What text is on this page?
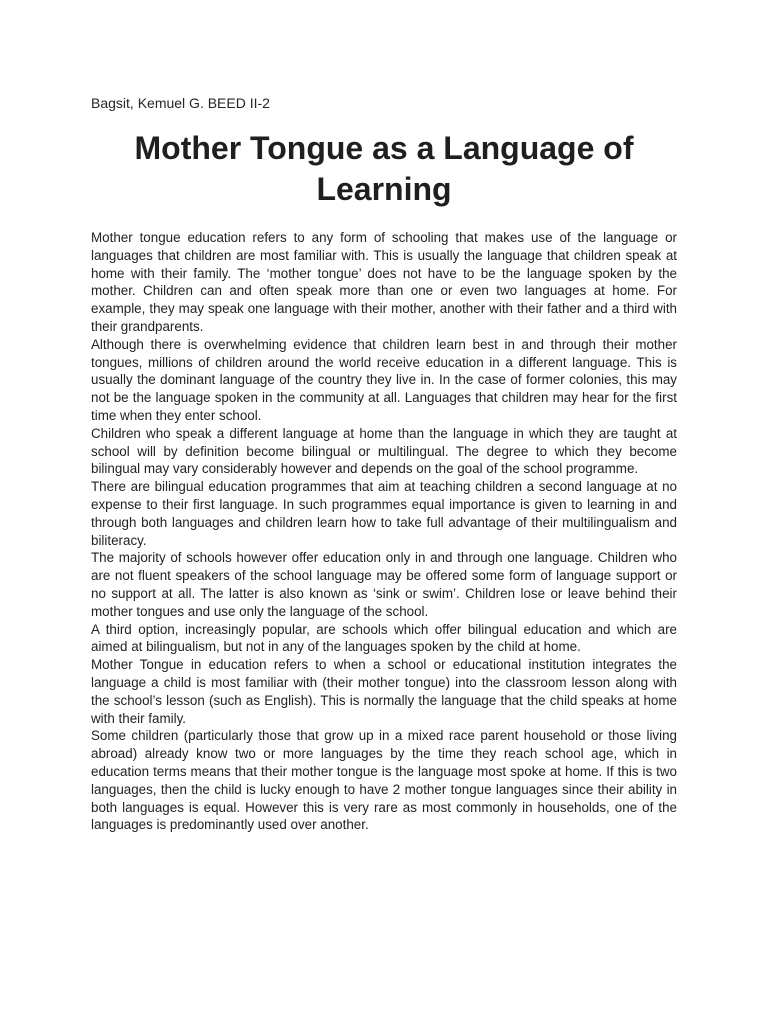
Bagsit, Kemuel G. BEED II-2
Mother Tongue as a Language of Learning

Mother tongue education refers to any form of schooling that makes use of the language or languages that children are most familiar with. This is usually the language that children speak at home with their family. The ‘mother tongue’ does not have to be the language spoken by the mother. Children can and often speak more than one or even two languages at home. For example, they may speak one language with their mother, another with their father and a third with their grandparents.

Although there is overwhelming evidence that children learn best in and through their mother tongues, millions of children around the world receive education in a different language. This is usually the dominant language of the country they live in. In the case of former colonies, this may not be the language spoken in the community at all. Languages that children may hear for the first time when they enter school.

Children who speak a different language at home than the language in which they are taught at school will by definition become bilingual or multilingual. The degree to which they become bilingual may vary considerably however and depends on the goal of the school programme.

There are bilingual education programmes that aim at teaching children a second language at no expense to their first language. In such programmes equal importance is given to learning in and through both languages and children learn how to take full advantage of their multilingualism and biliteracy.

The majority of schools however offer education only in and through one language. Children who are not fluent speakers of the school language may be offered some form of language support or no support at all. The latter is also known as ‘sink or swim’. Children lose or leave behind their mother tongues and use only the language of the school.

A third option, increasingly popular, are schools which offer bilingual education and which are aimed at bilingualism, but not in any of the languages spoken by the child at home.

Mother Tongue in education refers to when a school or educational institution integrates the language a child is most familiar with (their mother tongue) into the classroom lesson along with the school’s lesson (such as English). This is normally the language that the child speaks at home with their family.

Some children (particularly those that grow up in a mixed race parent household or those living abroad) already know two or more languages by the time they reach school age, which in education terms means that their mother tongue is the language most spoke at home. If this is two languages, then the child is lucky enough to have 2 mother tongue languages since their ability in both languages is equal. However this is very rare as most commonly in households, one of the languages is predominantly used over another.
